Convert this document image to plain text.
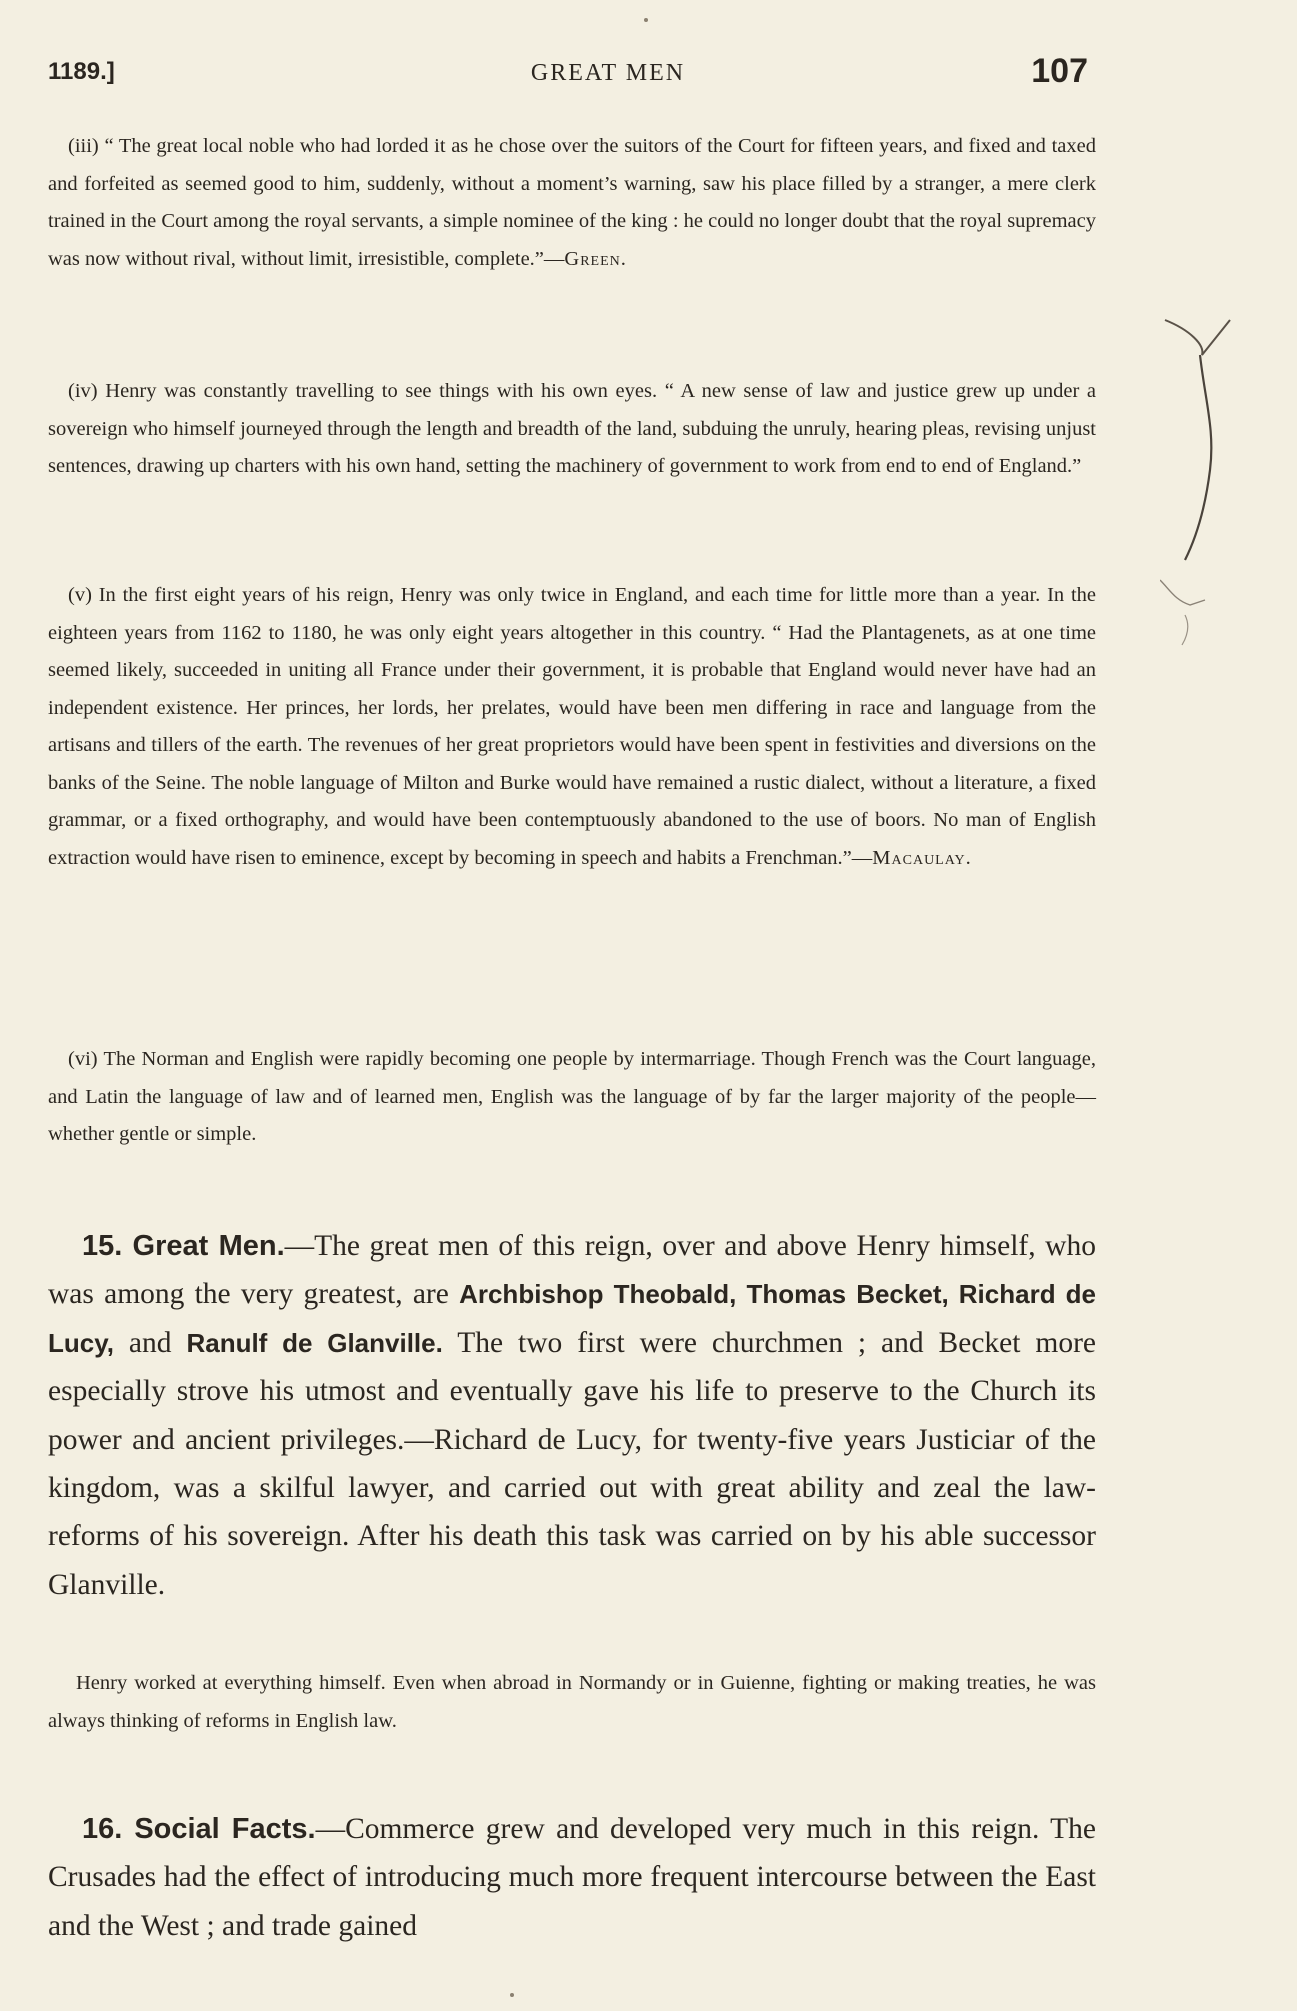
1189.]	GREAT MEN	107

(iii) “ The great local noble who had lorded it as he chose over the suitors of the Court for fifteen years, and fixed and taxed and forfeited as seemed good to him, suddenly, without a moment’s warning, saw his place filled by a stranger, a mere clerk trained in the Court among the royal servants, a simple nominee of the king : he could no longer doubt that the royal supremacy was now without rival, without limit, irresistible, complete.”—Green.

(iv) Henry was constantly travelling to see things with his own eyes. “ A new sense of law and justice grew up under a sovereign who himself journeyed through the length and breadth of the land, subduing the unruly, hearing pleas, revising unjust sentences, drawing up charters with his own hand, setting the machinery of government to work from end to end of England.”

(v) In the first eight years of his reign, Henry was only twice in England, and each time for little more than a year. In the eighteen years from 1162 to 1180, he was only eight years altogether in this country. “ Had the Plantagenets, as at one time seemed likely, succeeded in uniting all France under their government, it is probable that England would never have had an independent existence. Her princes, her lords, her prelates, would have been men differing in race and language from the artisans and tillers of the earth. The revenues of her great proprietors would have been spent in festivities and diversions on the banks of the Seine. The noble language of Milton and Burke would have remained a rustic dialect, without a literature, a fixed grammar, or a fixed orthography, and would have been contemptuously abandoned to the use of boors. No man of English extraction would have risen to eminence, except by becoming in speech and habits a Frenchman.”—Macaulay.

(vi) The Norman and English were rapidly becoming one people by intermarriage. Though French was the Court language, and Latin the language of law and of learned men, English was the language of by far the larger majority of the people—whether gentle or simple.

15. Great Men.—The great men of this reign, over and above Henry himself, who was among the very greatest, are Archbishop Theobald, Thomas Becket, Richard de Lucy, and Ranulf de Glanville. The two first were churchmen ; and Becket more especially strove his utmost and eventually gave his life to preserve to the Church its power and ancient privileges.—Richard de Lucy, for twenty-five years Justiciar of the kingdom, was a skilful lawyer, and carried out with great ability and zeal the law-reforms of his sovereign. After his death this task was carried on by his able successor Glanville.

Henry worked at everything himself. Even when abroad in Normandy or in Guienne, fighting or making treaties, he was always thinking of reforms in English law.

16. Social Facts.—Commerce grew and developed very much in this reign. The Crusades had the effect of introducing much more frequent intercourse between the East and the West ; and trade gained
